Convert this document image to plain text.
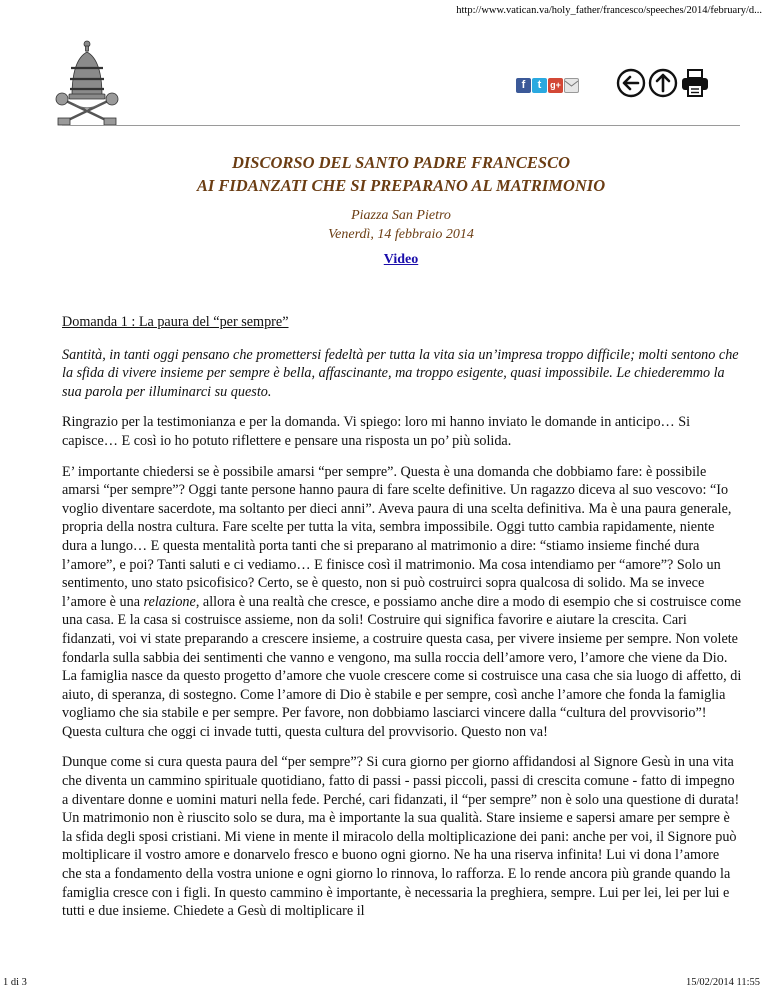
http://www.vatican.va/holy_father/francesco/speeches/2014/february/d...
f	t g+
DISCORSO DEL SANTO PADRE FRANCESCO
AI FIDANZATI CHE SI PREPARANO AL MATRIMONIO
Piazza San Pietro
Venerdì, 14 febbraio 2014
Video

Domanda 1 : La paura del “per sempre”

Santità, in tanti oggi pensano che promettersi fedeltà per tutta la vita sia un’impresa troppo difficile; molti sentono che la sfida di vivere insieme per sempre è bella, affascinante, ma troppo esigente, quasi impossibile. Le chiederemmo la sua parola per illuminarci su questo.

Ringrazio per la testimonianza e per la domanda. Vi spiego: loro mi hanno inviato le domande in anticipo… Si capisce… E così io ho potuto riflettere e pensare una risposta un po’ più solida.

E’ importante chiedersi se è possibile amarsi “per sempre”. Questa è una domanda che dobbiamo fare: è possibile amarsi “per sempre”? Oggi tante persone hanno paura di fare scelte definitive. Un ragazzo diceva al suo vescovo: “Io voglio diventare sacerdote, ma soltanto per dieci anni”. Aveva paura di una scelta definitiva. Ma è una paura generale, propria della nostra cultura. Fare scelte per tutta la vita, sembra impossibile. Oggi tutto cambia rapidamente, niente dura a lungo… E questa mentalità porta tanti che si preparano al matrimonio a dire: “stiamo insieme finché dura l’amore”, e poi? Tanti saluti e ci vediamo… E finisce così il matrimonio. Ma cosa intendiamo per “amore”? Solo un sentimento, uno stato psicofisico? Certo, se è questo, non si può costruirci sopra qualcosa di solido. Ma se invece l’amore è una relazione, allora è una realtà che cresce, e possiamo anche dire a modo di esempio che si costruisce come una casa. E la casa si costruisce assieme, non da soli! Costruire qui significa favorire e aiutare la crescita. Cari fidanzati, voi vi state preparando a crescere insieme, a costruire questa casa, per vivere insieme per sempre. Non volete fondarla sulla sabbia dei sentimenti che vanno e vengono, ma sulla roccia dell’amore vero, l’amore che viene da Dio. La famiglia nasce da questo progetto d’amore che vuole crescere come si costruisce una casa che sia luogo di affetto, di aiuto, di speranza, di sostegno. Come l’amore di Dio è stabile e per sempre, così anche l’amore che fonda la famiglia vogliamo che sia stabile e per sempre. Per favore, non dobbiamo lasciarci vincere dalla “cultura del provvisorio”! Questa cultura che oggi ci invade tutti, questa cultura del provvisorio. Questo non va!

Dunque come si cura questa paura del “per sempre”? Si cura giorno per giorno affidandosi al Signore Gesù in una vita che diventa un cammino spirituale quotidiano, fatto di passi - passi piccoli, passi di crescita comune - fatto di impegno a diventare donne e uomini maturi nella fede. Perché, cari fidanzati, il “per sempre” non è solo una questione di durata! Un matrimonio non è riuscito solo se dura, ma è importante la sua qualità. Stare insieme e sapersi amare per sempre è la sfida degli sposi cristiani. Mi viene in mente il miracolo della moltiplicazione dei pani: anche per voi, il Signore può moltiplicare il vostro amore e donarvelo fresco e buono ogni giorno. Ne ha una riserva infinita! Lui vi dona l’amore che sta a fondamento della vostra unione e ogni giorno lo rinnova, lo rafforza. E lo rende ancora più grande quando la famiglia cresce con i figli. In questo cammino è importante, è necessaria la preghiera, sempre. Lui per lei, lei per lui e tutti e due insieme. Chiedete a Gesù di moltiplicare il

1 di 3	15/02/2014 11:55
